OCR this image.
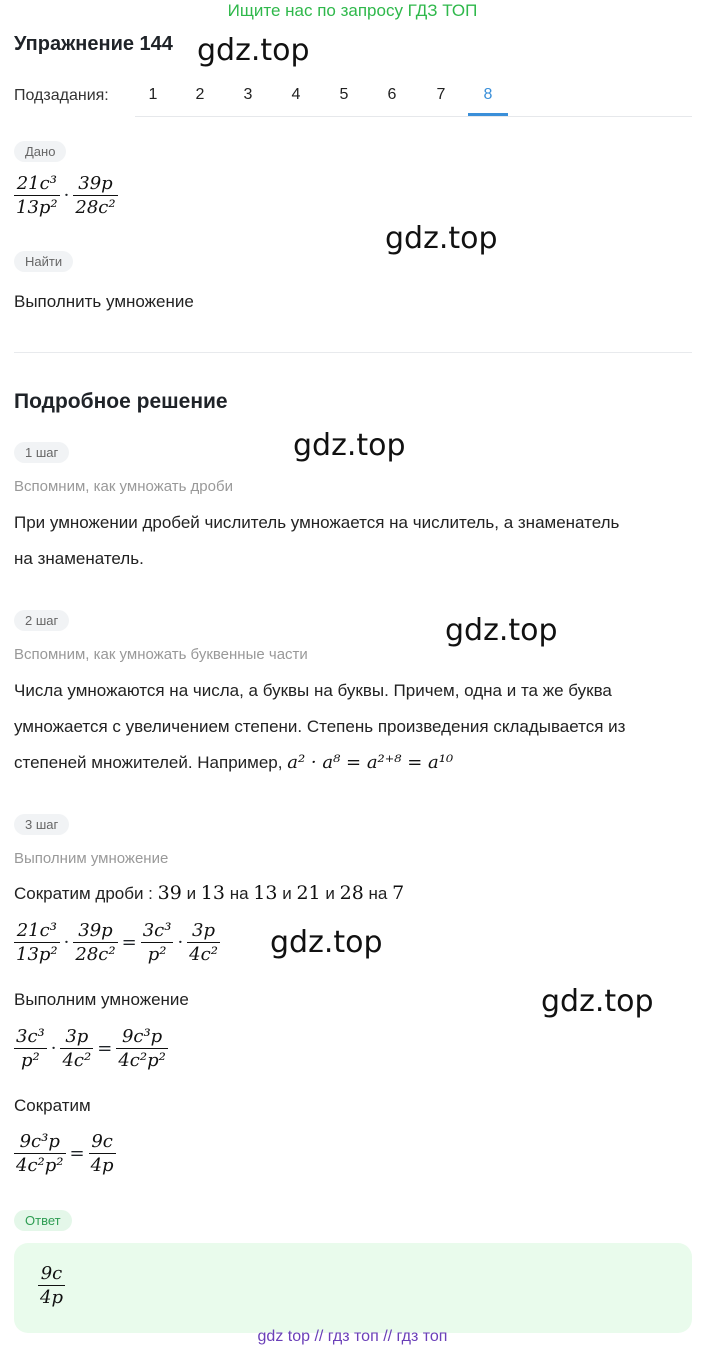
Ищите нас по запросу ГДЗ ТОП
Упражнение 144 gdz.top
Подзадания:	1	2	3	4	5	6	7	8
Дано
$\frac{\text{21c³}}{\text{13p²}} \cdot \frac{39p}{\text{28c²}}$
gdz.top
Найти
Выполнить умножение
Подробное решение
gdz.top
1 шаг
Вспомним, как умножать дроби
При умножении дробей числитель умножается на числитель, а знаменатель
на знаменатель.
2 шаг	gdz.top
Вспомним, как умножать буквенные части
Числа умножаются на числа, а буквы на буквы. Причем, одна и та же буква
умножается с увеличением степени. Степень произведения складывается из
степеней множителей. Например, a² · a⁸ = a²⁺⁸ = a¹⁰
3 шаг
Выполним умножение
Сократим дроби : 39 и 13 на 13 и 21 и 28 на 7
$\frac{\text{21c³}}{\text{13p²}} \cdot \frac{39p}{\text{28c²}} = \frac{\text{3c³}}{\text{p²}} \cdot \frac{3p}{\text{4c²}} gdz.top$
Выполним умножение	gdz.top
$\frac{\text{3c³}}{\text{p²}} \cdot \frac{3p}{\text{4c²}} = \frac{\text{9c³p}}{\text{4c²p²}}$
Сократим
$\frac{\text{9c³p}}{\text{4c²p²}} = \frac{9c}{4p}$
Ответ
$\frac{9c}{4p}$
gdz top // гдз топ // гдз топ
